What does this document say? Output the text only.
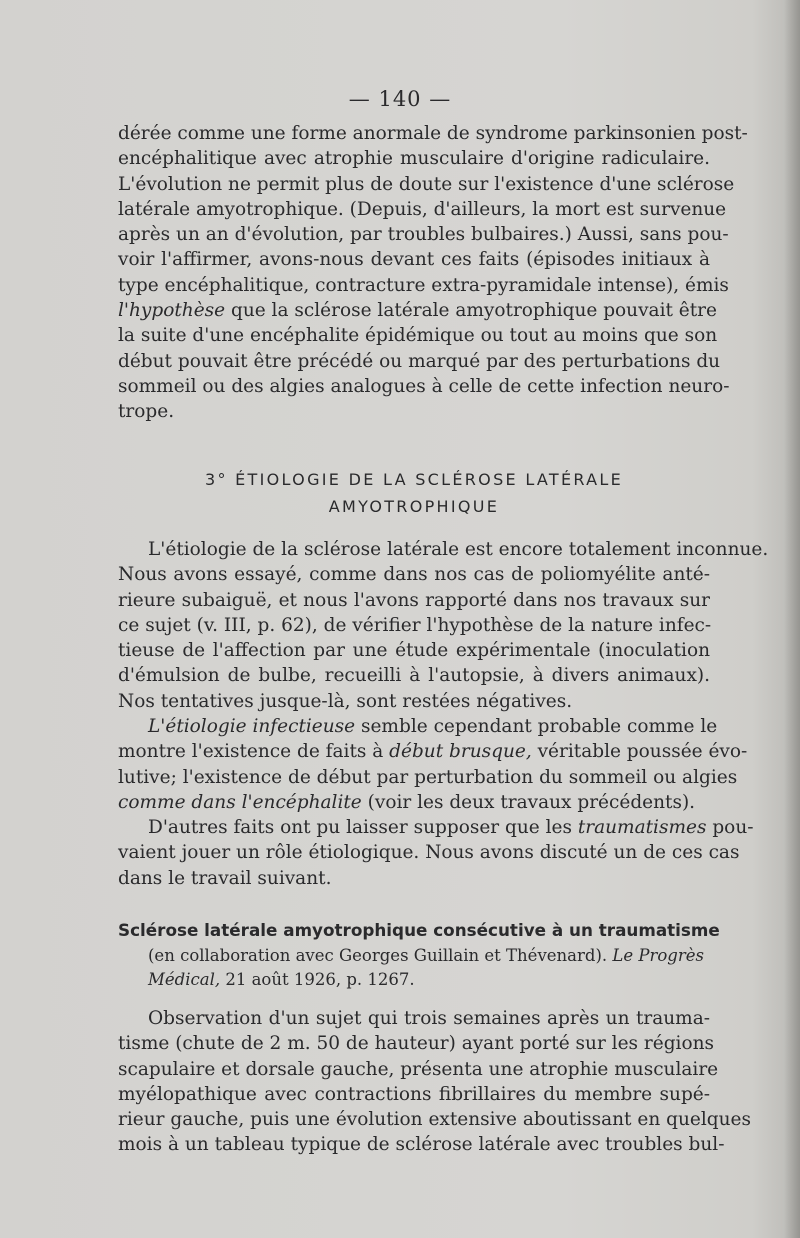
— 140 —
dérée comme une forme anormale de syndrome parkinsonien post-
encéphalitique avec atrophie musculaire d'origine radiculaire.
L'évolution ne permit plus de doute sur l'existence d'une sclérose
latérale amyotrophique. (Depuis, d'ailleurs, la mort est survenue
après un an d'évolution, par troubles bulbaires.) Aussi, sans pou-
voir l'affirmer, avons-nous devant ces faits (épisodes initiaux à
type encéphalitique, contracture extra-pyramidale intense), émis
l'hypothèse que la sclérose latérale amyotrophique pouvait être
la suite d'une encéphalite épidémique ou tout au moins que son
début pouvait être précédé ou marqué par des perturbations du
sommeil ou des algies analogues à celle de cette infection neuro-
trope.
3° ÉTIOLOGIE DE LA SCLÉROSE LATÉRALE
AMYOTROPHIQUE
L'étiologie de la sclérose latérale est encore totalement inconnue.
Nous avons essayé, comme dans nos cas de poliomyélite anté-
rieure subaiguë, et nous l'avons rapporté dans nos travaux sur
ce sujet (v. III, p. 62), de vérifier l'hypothèse de la nature infec-
tieuse de l'affection par une étude expérimentale (inoculation
d'émulsion de bulbe, recueilli à l'autopsie, à divers animaux).
Nos tentatives jusque-là, sont restées négatives.
L'étiologie infectieuse semble cependant probable comme le
montre l'existence de faits à début brusque, véritable poussée évo-
lutive; l'existence de début par perturbation du sommeil ou algies
comme dans l'encéphalite (voir les deux travaux précédents).
D'autres faits ont pu laisser supposer que les traumatismes pou-
vaient jouer un rôle étiologique. Nous avons discuté un de ces cas
dans le travail suivant.
Sclérose latérale amyotrophique consécutive à un traumatisme
(en collaboration avec Georges Guillain et Thévenard). Le Progrès
Médical, 21 août 1926, p. 1267.
Observation d'un sujet qui trois semaines après un trauma-
tisme (chute de 2 m. 50 de hauteur) ayant porté sur les régions
scapulaire et dorsale gauche, présenta une atrophie musculaire
myélopathique avec contractions fibrillaires du membre supé-
rieur gauche, puis une évolution extensive aboutissant en quelques
mois à un tableau typique de sclérose latérale avec troubles bul-
